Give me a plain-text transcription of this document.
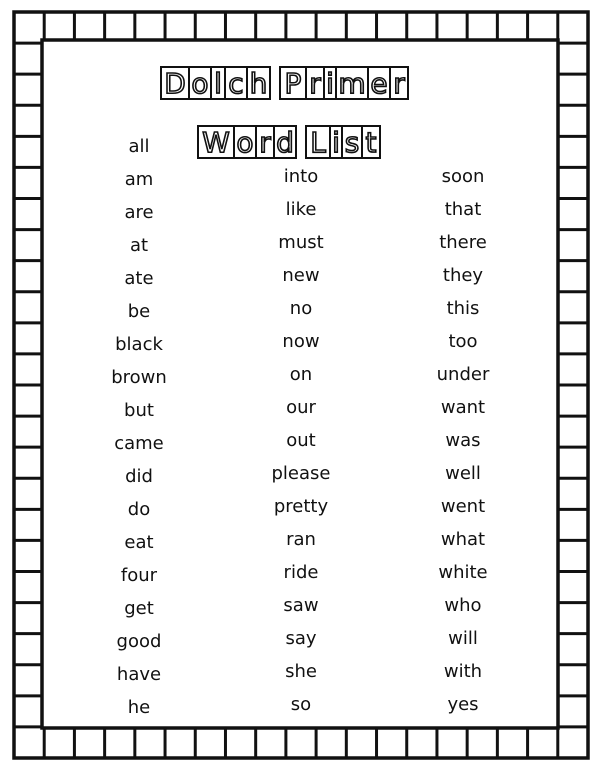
D o l c h P r i m e r
W o r d L i s t
all
am
are
at
ate
be
black
brown
but
came
did
do
eat
four
get
good
have
he
into
like
must
new
no
now
on
our
out
please
pretty
ran
ride
saw
say
she
so
soon
that
there
they
this
too
under
want
was
well
went
what
white
who
will
with
yes
